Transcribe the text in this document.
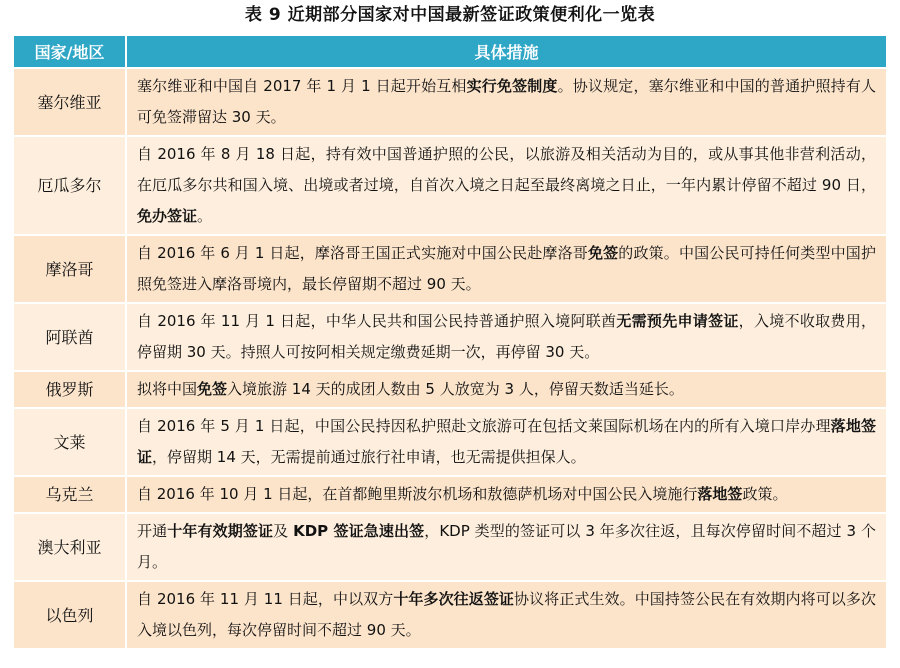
表 9 近期部分国家对中国最新签证政策便利化一览表
国家/地区	具体措施
塞尔维亚	塞尔维亚和中国自 2017 年 1 月 1 日起开始互相实行免签制度。协议规定，塞尔维亚和中国的普通护照持有人可免签滞留达 30 天。
厄瓜多尔	自 2016 年 8 月 18 日起，持有效中国普通护照的公民，以旅游及相关活动为目的，或从事其他非营利活动，在厄瓜多尔共和国入境、出境或者过境，自首次入境之日起至最终离境之日止，一年内累计停留不超过 90 日，免办签证。
摩洛哥	自 2016 年 6 月 1 日起，摩洛哥王国正式实施对中国公民赴摩洛哥免签的政策。中国公民可持任何类型中国护照免签进入摩洛哥境内，最长停留期不超过 90 天。
阿联酋	自 2016 年 11 月 1 日起，中华人民共和国公民持普通护照入境阿联酋无需预先申请签证，入境不收取费用，停留期 30 天。持照人可按阿相关规定缴费延期一次，再停留 30 天。
俄罗斯	拟将中国免签入境旅游 14 天的成团人数由 5 人放宽为 3 人，停留天数适当延长。
文莱	自 2016 年 5 月 1 日起，中国公民持因私护照赴文旅游可在包括文莱国际机场在内的所有入境口岸办理落地签证，停留期 14 天，无需提前通过旅行社申请，也无需提供担保人。
乌克兰	自 2016 年 10 月 1 日起，在首都鲍里斯波尔机场和敖德萨机场对中国公民入境施行落地签政策。
澳大利亚	开通十年有效期签证及 KDP 签证急速出签，KDP 类型的签证可以 3 年多次往返，且每次停留时间不超过 3 个月。
以色列	自 2016 年 11 月 11 日起，中以双方十年多次往返签证协议将正式生效。中国持签公民在有效期内将可以多次入境以色列，每次停留时间不超过 90 天。
